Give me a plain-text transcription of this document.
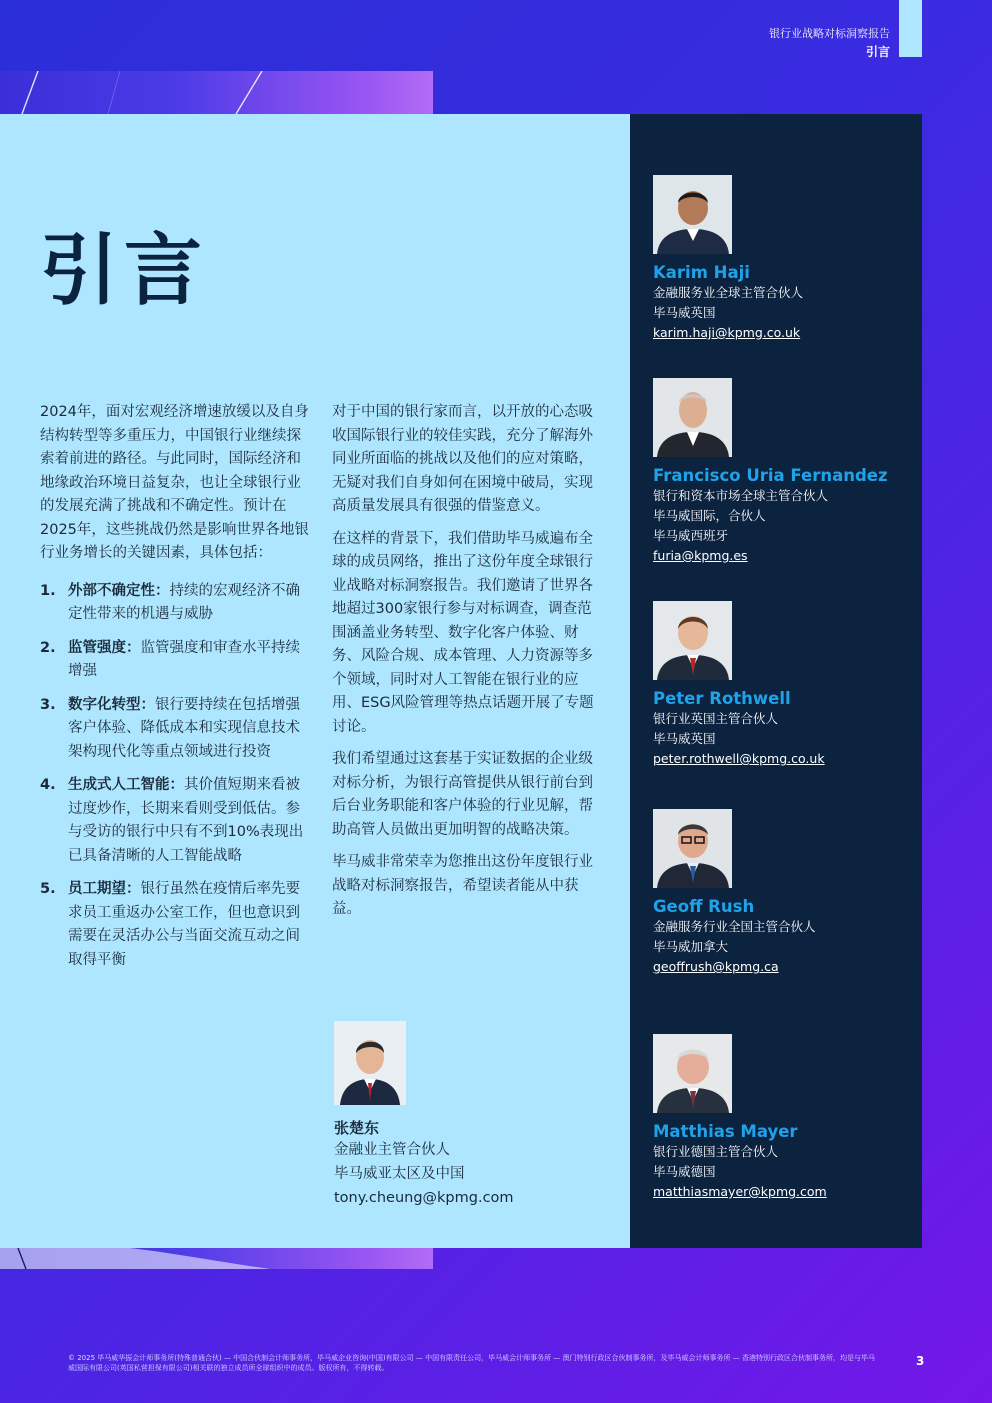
银行业战略对标洞察报告
引言
引言

2024年，面对宏观经济增速放缓以及自身结构转型等多重压力，中国银行业继续探索着前进的路径。与此同时，国际经济和地缘政治环境日益复杂，也让全球银行业的发展充满了挑战和不确定性。预计在2025年，这些挑战仍然是影响世界各地银行业务增长的关键因素，具体包括：

1. 外部不确定性：持续的宏观经济不确定性带来的机遇与威胁
2. 监管强度：监管强度和审查水平持续增强
3. 数字化转型：银行要持续在包括增强客户体验、降低成本和实现信息技术架构现代化等重点领域进行投资
4. 生成式人工智能：其价值短期来看被过度炒作，长期来看则受到低估。参与受访的银行中只有不到10%表现出已具备清晰的人工智能战略
5. 员工期望：银行虽然在疫情后率先要求员工重返办公室工作，但也意识到需要在灵活办公与当面交流互动之间取得平衡

对于中国的银行家而言，以开放的心态吸收国际银行业的较佳实践，充分了解海外同业所面临的挑战以及他们的应对策略，无疑对我们自身如何在困境中破局，实现高质量发展具有很强的借鉴意义。

在这样的背景下，我们借助毕马威遍布全球的成员网络，推出了这份年度全球银行业战略对标洞察报告。我们邀请了世界各地超过300家银行参与对标调查，调查范围涵盖业务转型、数字化客户体验、财务、风险合规、成本管理、人力资源等多个领域，同时对人工智能在银行业的应用、ESG风险管理等热点话题开展了专题讨论。

我们希望通过这套基于实证数据的企业级对标分析，为银行高管提供从银行前台到后台业务职能和客户体验的行业见解，帮助高管人员做出更加明智的战略决策。

毕马威非常荣幸为您推出这份年度银行业战略对标洞察报告，希望读者能从中获益。

张楚东
金融业主管合伙人
毕马威亚太区及中国
tony.cheung@kpmg.com
Karim Haji
金融服务业全球主管合伙人
毕马威英国
karim.haji@kpmg.co.uk
Francisco Uria Fernandez
银行和资本市场全球主管合伙人
毕马威国际，合伙人
毕马威西班牙
furia@kpmg.es
Peter Rothwell
银行业英国主管合伙人
毕马威英国
peter.rothwell@kpmg.co.uk
Geoff Rush
金融服务行业全国主管合伙人
毕马威加拿大
geoffrush@kpmg.ca
Matthias Mayer
银行业德国主管合伙人
毕马威德国
matthiasmayer@kpmg.com
© 2025 毕马威华振会计师事务所(特殊普通合伙) — 中国合伙制会计师事务所，毕马威企业咨询(中国)有限公司 — 中国有限责任公司，毕马威会计师事务所 — 澳门特别行政区合伙制事务所，及毕马威会计师事务所 — 香港特别行政区合伙制事务所，均是与毕马威国际有限公司(英国私营担保有限公司)相关联的独立成员所全球组织中的成员。版权所有，不得转载。	3
